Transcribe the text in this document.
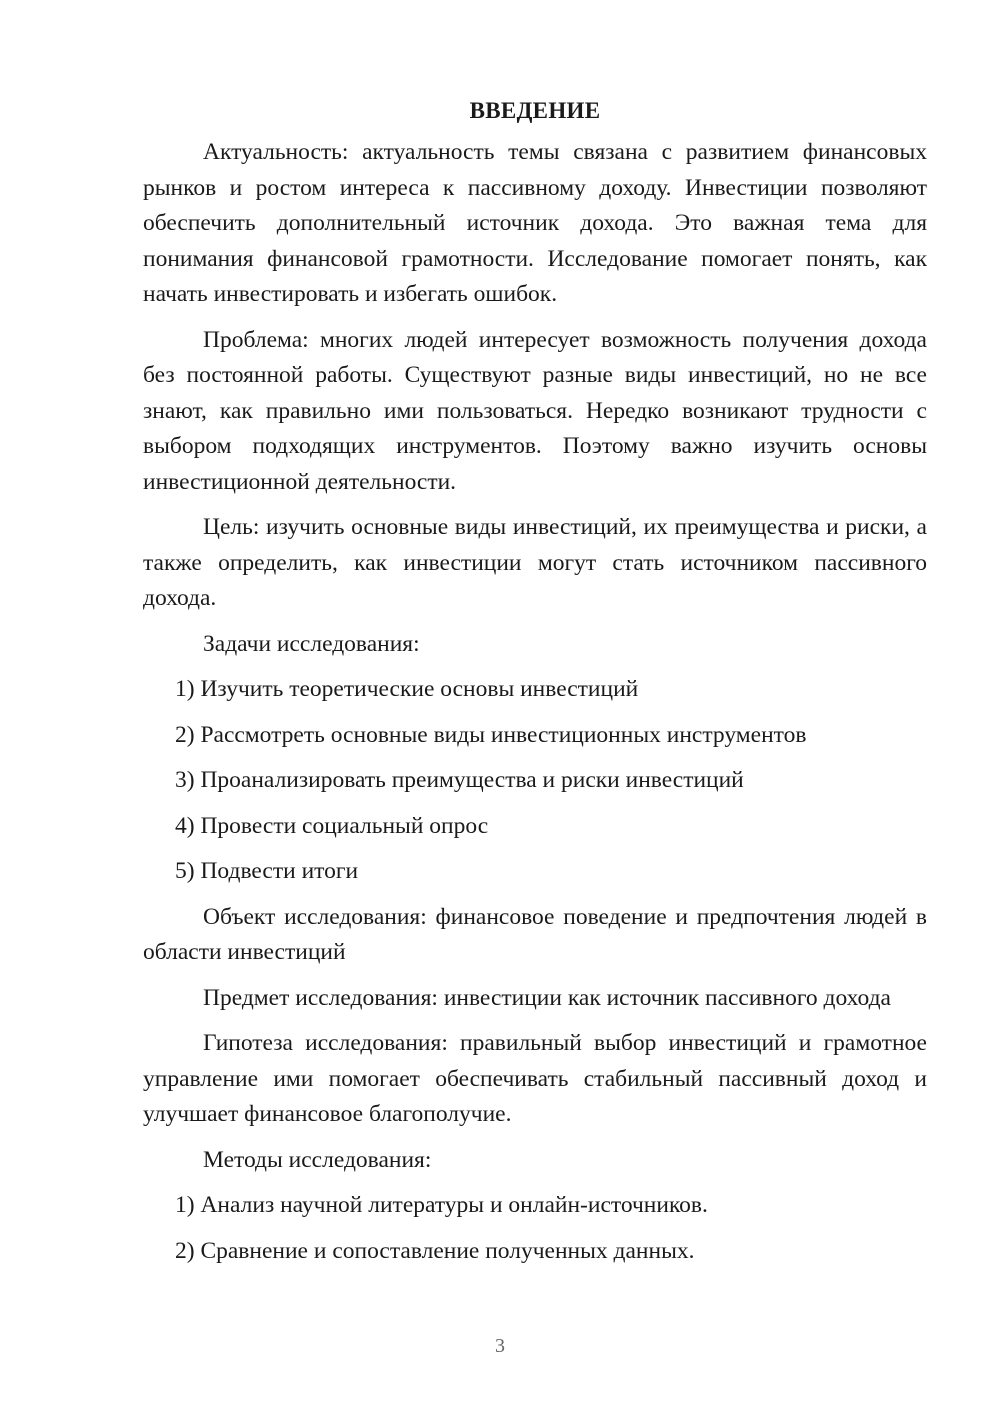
ВВЕДЕНИЕ

Актуальность: актуальность темы связана с развитием финансовых рынков и ростом интереса к пассивному доходу. Инвестиции позволяют обеспечить дополнительный источник дохода. Это важная тема для понимания финансовой грамотности. Исследование помогает понять, как начать инвестировать и избегать ошибок.

Проблема: многих людей интересует возможность получения дохода без постоянной работы. Существуют разные виды инвестиций, но не все знают, как правильно ими пользоваться. Нередко возникают трудности с выбором подходящих инструментов. Поэтому важно изучить основы инвестиционной деятельности.

Цель: изучить основные виды инвестиций, их преимущества и риски, а также определить, как инвестиции могут стать источником пассивного дохода.

Задачи исследования:

1) Изучить теоретические основы инвестиций

2) Рассмотреть основные виды инвестиционных инструментов

3) Проанализировать преимущества и риски инвестиций

4) Провести социальный опрос

5) Подвести итоги

Объект исследования: финансовое поведение и предпочтения людей в области инвестиций

Предмет исследования: инвестиции как источник пассивного дохода

Гипотеза исследования: правильный выбор инвестиций и грамотное управление ими помогает обеспечивать стабильный пассивный доход и улучшает финансовое благополучие.

Методы исследования:

1) Анализ научной литературы и онлайн-источников.

2) Сравнение и сопоставление полученных данных.

3
